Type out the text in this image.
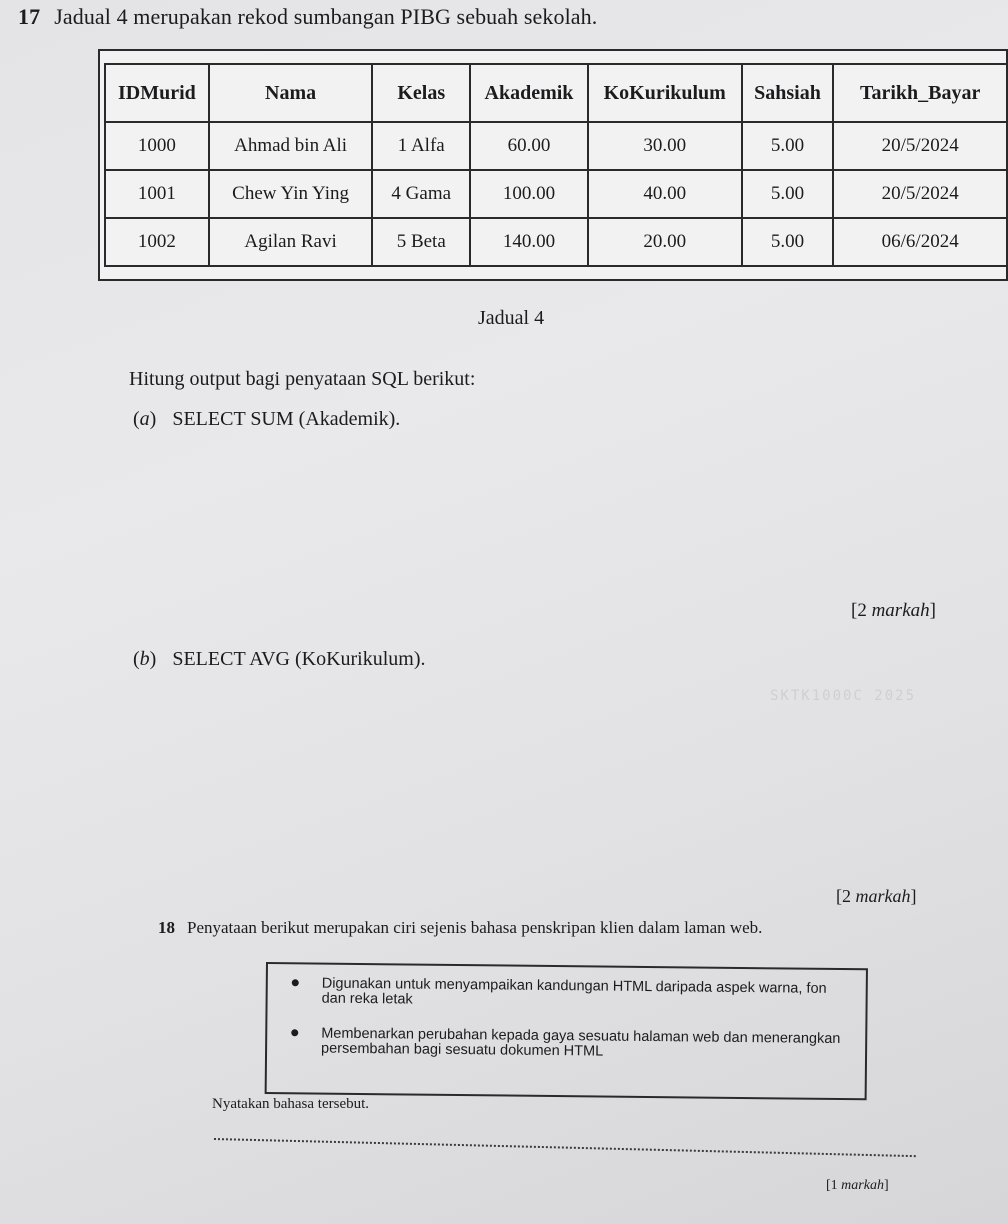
17 Jadual 4 merupakan rekod sumbangan PIBG sebuah sekolah.
IDMurid	Nama	Kelas	Akademik	KoKurikulum	Sahsiah	Tarikh_Bayar
1000	Ahmad bin Ali	1 Alfa	60.00	30.00	5.00	20/5/2024
1001	Chew Yin Ying	4 Gama	100.00	40.00	5.00	20/5/2024
1002	Agilan Ravi	5 Beta	140.00	20.00	5.00	06/6/2024
Jadual 4
Hitung output bagi penyataan SQL berikut:
(a) SELECT SUM (Akademik).
[2 markah]
(b) SELECT AVG (KoKurikulum).
SKTK1000C 2025
[2 markah]
18 Penyataan berikut merupakan ciri sejenis bahasa penskripan klien dalam laman web.
Digunakan untuk menyampaikan kandungan HTML daripada aspek warna, fon dan reka letak
Membenarkan perubahan kepada gaya sesuatu halaman web dan menerangkan persembahan bagi sesuatu dokumen HTML
Nyatakan bahasa tersebut.
[1 markah]
